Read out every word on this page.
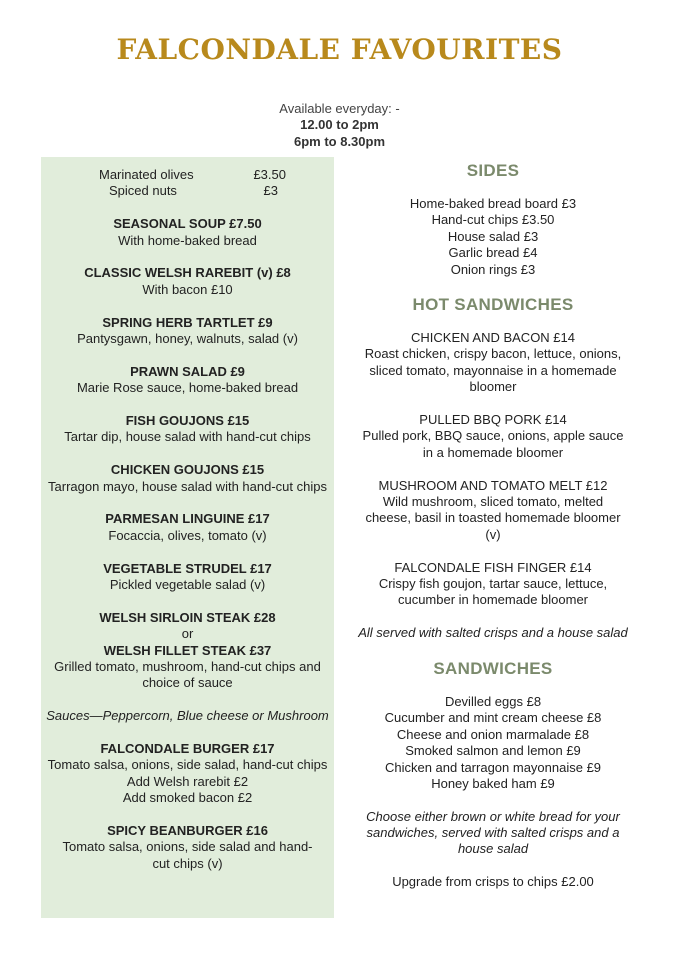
FALCONDALE FAVOURITES
Available everyday: -
12.00 to 2pm
6pm to 8.30pm
Marinated olives	£3.50
Spiced nuts	£3
SEASONAL SOUP £7.50
With home-baked bread
CLASSIC WELSH RAREBIT (v) £8
With bacon £10
SPRING HERB TARTLET £9
Pantysgawn, honey, walnuts, salad (v)
PRAWN SALAD £9
Marie Rose sauce, home-baked bread
FISH GOUJONS £15
Tartar dip, house salad with hand-cut chips
CHICKEN GOUJONS £15
Tarragon mayo, house salad with hand-cut chips
PARMESAN LINGUINE £17
Focaccia, olives, tomato (v)
VEGETABLE STRUDEL £17
Pickled vegetable salad (v)
WELSH SIRLOIN STEAK £28
or
WELSH FILLET STEAK £37
Grilled tomato, mushroom, hand-cut chips and choice of sauce
Sauces—Peppercorn, Blue cheese or Mushroom
FALCONDALE BURGER £17
Tomato salsa, onions, side salad, hand-cut chips
Add Welsh rarebit £2
Add smoked bacon £2
SPICY BEANBURGER £16
Tomato salsa, onions, side salad and hand-cut chips (v)
SIDES
Home-baked bread board £3
Hand-cut chips £3.50
House salad £3
Garlic bread £4
Onion rings £3
HOT SANDWICHES
CHICKEN AND BACON £14
Roast chicken, crispy bacon, lettuce, onions, sliced tomato, mayonnaise in a homemade bloomer
PULLED BBQ PORK £14
Pulled pork, BBQ sauce, onions, apple sauce in a homemade bloomer
MUSHROOM AND TOMATO MELT £12
Wild mushroom, sliced tomato, melted cheese, basil in toasted homemade bloomer (v)
FALCONDALE FISH FINGER £14
Crispy fish goujon, tartar sauce, lettuce, cucumber in homemade bloomer
All served with salted crisps and a house salad
SANDWICHES
Devilled eggs £8
Cucumber and mint cream cheese £8
Cheese and onion marmalade £8
Smoked salmon and lemon £9
Chicken and tarragon mayonnaise £9
Honey baked ham £9
Choose either brown or white bread for your sandwiches, served with salted crisps and a house salad
Upgrade from crisps to chips £2.00
